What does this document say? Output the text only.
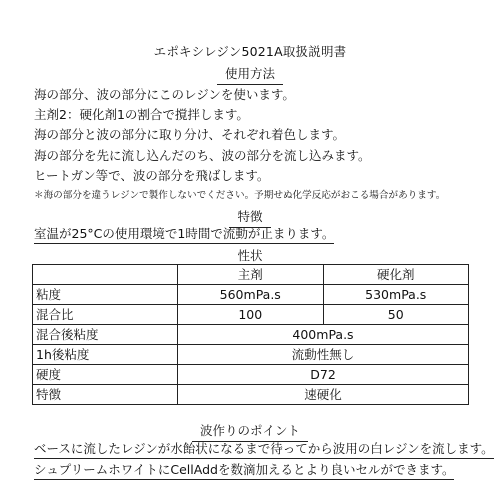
エポキシレジン5021A取扱説明書
使用方法
海の部分、波の部分にこのレジンを使います。
主剤2：硬化剤1の割合で撹拌します。
海の部分と波の部分に取り分け、それぞれ着色します。
海の部分を先に流し込んだのち、波の部分を流し込みます。
ヒートガン等で、波の部分を飛ばします。
＊海の部分を違うレジンで製作しないでください。予期せぬ化学反応がおこる場合があります。
特徴
室温が25°Cの使用環境で1時間で流動が止まります。
性状
	主剤	硬化剤
粘度	560mPa.s	530mPa.s
混合比	100	50
混合後粘度	400mPa.s	
1h後粘度	流動性無し	
硬度	D72	
特徴	速硬化	
波作りのポイント
ベースに流したレジンが水飴状になるまで待ってから波用の白レジンを流します。
シュプリームホワイトにCellAddを数滴加えるとより良いセルができます。
